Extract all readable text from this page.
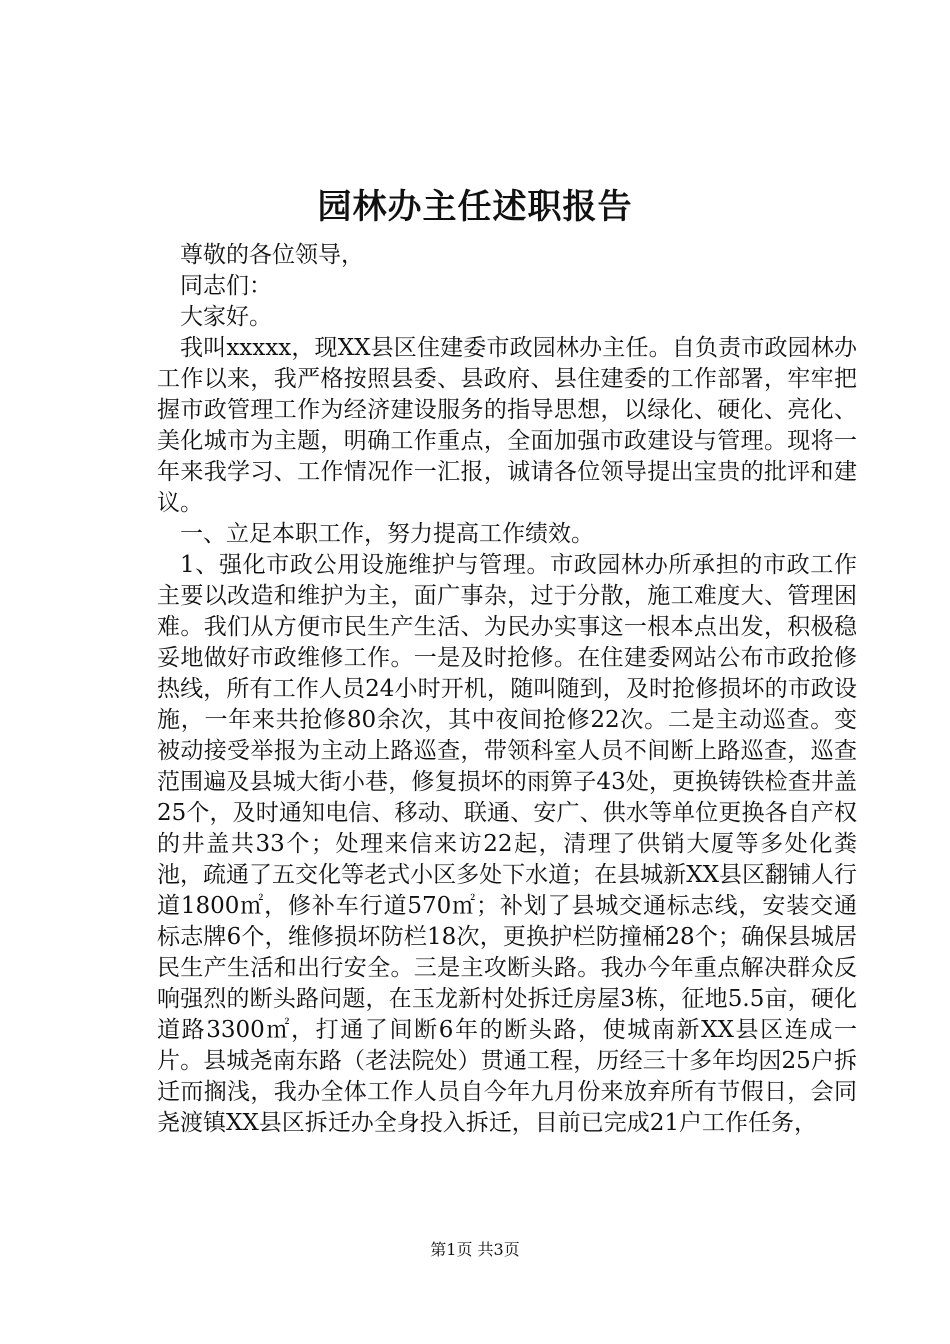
园林办主任述职报告

尊敬的各位领导，

同志们：

大家好。

我叫xxxxx，现XX县区住建委市政园林办主任。自负责市政园林办工作以来，我严格按照县委、县政府、县住建委的工作部署，牢牢把握市政管理工作为经济建设服务的指导思想，以绿化、硬化、亮化、美化城市为主题，明确工作重点，全面加强市政建设与管理。现将一年来我学习、工作情况作一汇报，诚请各位领导提出宝贵的批评和建议。

一、立足本职工作，努力提高工作绩效。

1、强化市政公用设施维护与管理。市政园林办所承担的市政工作主要以改造和维护为主，面广事杂，过于分散，施工难度大、管理困难。我们从方便市民生产生活、为民办实事这一根本点出发，积极稳妥地做好市政维修工作。一是及时抢修。在住建委网站公布市政抢修热线，所有工作人员24小时开机，随叫随到，及时抢修损坏的市政设施，一年来共抢修80余次，其中夜间抢修22次。二是主动巡查。变被动接受举报为主动上路巡查，带领科室人员不间断上路巡查，巡查范围遍及县城大街小巷，修复损坏的雨箅子43处，更换铸铁检查井盖25个，及时通知电信、移动、联通、安广、供水等单位更换各自产权的井盖共33个；处理来信来访22起，清理了供销大厦等多处化粪池，疏通了五交化等老式小区多处下水道；在县城新XX县区翻铺人行道1800㎡，修补车行道570㎡；补划了县城交通标志线，安装交通标志牌6个，维修损坏防栏18次，更换护栏防撞桶28个；确保县城居民生产生活和出行安全。三是主攻断头路。我办今年重点解决群众反响强烈的断头路问题，在玉龙新村处拆迁房屋3栋，征地5.5亩，硬化道路3300㎡，打通了间断6年的断头路，使城南新XX县区连成一片。县城尧南东路（老法院处）贯通工程，历经三十多年均因25户拆迁而搁浅，我办全体工作人员自今年九月份来放弃所有节假日，会同尧渡镇XX县区拆迁办全身投入拆迁，目前已完成21户工作任务，

第1页 共3页
